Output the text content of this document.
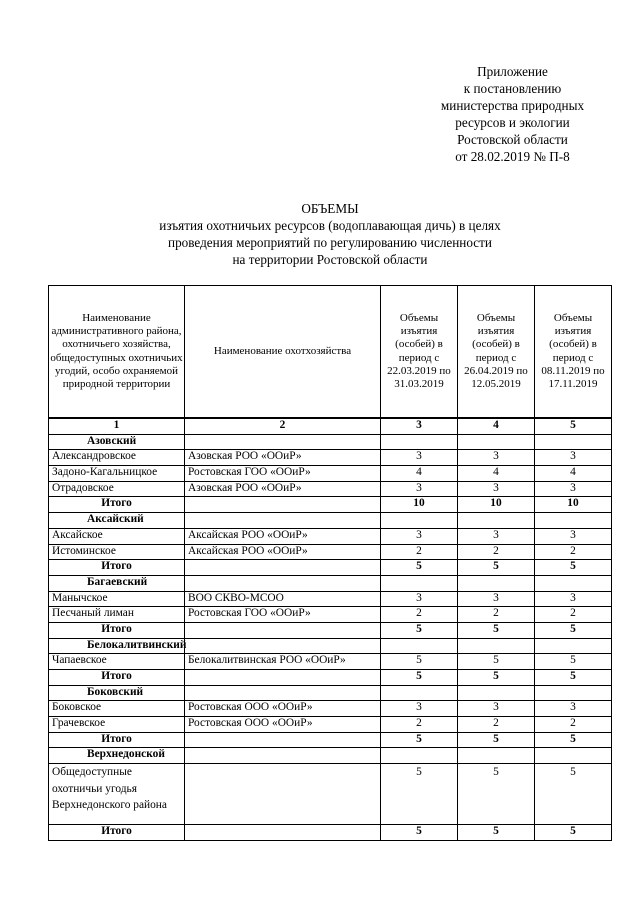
Приложение
к постановлению
министерства природных
ресурсов и экологии
Ростовской области
от 28.02.2019 № П-8
ОБЪЕМЫ
изъятия охотничьих ресурсов (водоплавающая дичь) в целях
проведения мероприятий по регулированию численности
на территории Ростовской области
Наименование административного района, охотничьего хозяйства, общедоступных охотничьих угодий, особо охраняемой природной территории	Наименование охотхозяйства	Объемы изъятия (особей) в период с 22.03.2019 по 31.03.2019	Объемы изъятия (особей) в период с 26.04.2019 по 12.05.2019	Объемы изъятия (особей) в период с 08.11.2019 по 17.11.2019
1	2	3	4	5
Азовский				
Александровское	Азовская РОО «ООиР»	3	3	3
Задоно-Кагальницкое	Ростовская ГОО «ООиР»	4	4	4
Отрадовское	Азовская РОО «ООиР»	3	3	3
Итого		10	10	10
Аксайский				
Аксайское	Аксайская РОО «ООиР»	3	3	3
Истоминское	Аксайская РОО «ООиР»	2	2	2
Итого		5	5	5
Багаевский				
Манычское	ВОО СКВО-МСОО	3	3	3
Песчаный лиман	Ростовская ГОО «ООиР»	2	2	2
Итого		5	5	5
Белокалитвинский				
Чапаевское	Белокалитвинская РОО «ООиР»	5	5	5
Итого		5	5	5
Боковский				
Боковское	Ростовская ООО «ООиР»	3	3	3
Грачевское	Ростовская ООО «ООиР»	2	2	2
Итого		5	5	5
Верхнедонской				
Общедоступные охотничьи угодья Верхнедонского района		5	5	5
Итого		5	5	5
